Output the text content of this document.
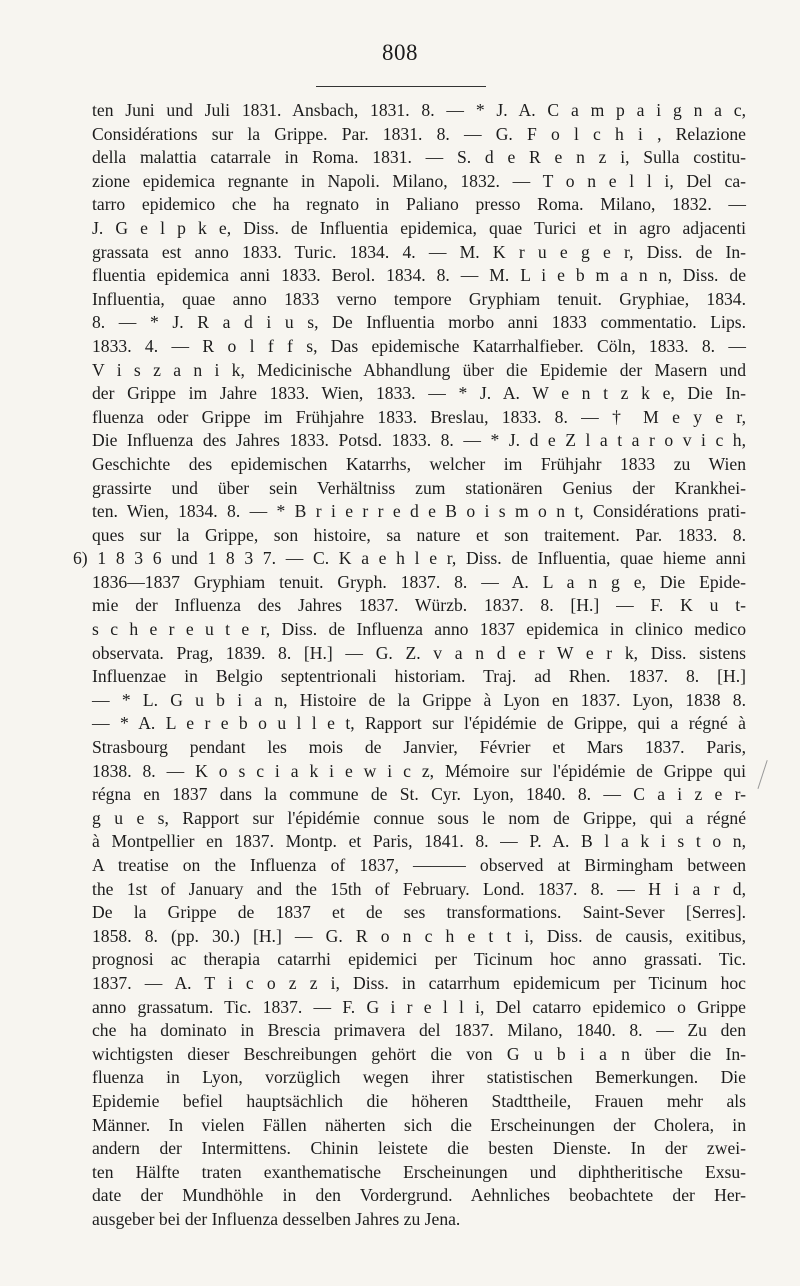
808
ten Juni und Juli 1831. Ansbach, 1831. 8. — * J. A. C a m p a i g n a c,
Considérations sur la Grippe. Par. 1831. 8. — G. F o l c h i , Relazione
della malattia catarrale in Roma. 1831. — S. d e R e n z i, Sulla costitu-
zione epidemica regnante in Napoli. Milano, 1832. — T o n e l l i, Del ca-
tarro epidemico che ha regnato in Paliano presso Roma. Milano, 1832. —
J. G e l p k e, Diss. de Influentia epidemica, quae Turici et in agro adjacenti
grassata est anno 1833. Turic. 1834. 4. — M. K r u e g e r, Diss. de In-
fluentia epidemica anni 1833. Berol. 1834. 8. — M. L i e b m a n n, Diss. de
Influentia, quae anno 1833 verno tempore Gryphiam tenuit. Gryphiae, 1834.
8. — * J. R a d i u s, De Influentia morbo anni 1833 commentatio. Lips.
1833. 4. — R o l f f s, Das epidemische Katarrhalfieber. Cöln, 1833. 8. —
V i s z a n i k, Medicinische Abhandlung über die Epidemie der Masern und
der Grippe im Jahre 1833. Wien, 1833. — * J. A. W e n t z k e, Die In-
fluenza oder Grippe im Frühjahre 1833. Breslau, 1833. 8. — † M e y e r,
Die Influenza des Jahres 1833. Potsd. 1833. 8. — * J. d e Z l a t a r o v i c h,
Geschichte des epidemischen Katarrhs, welcher im Frühjahr 1833 zu Wien
grassirte und über sein Verhältniss zum stationären Genius der Krankhei-
ten. Wien, 1834. 8. — * B r i e r r e d e B o i s m o n t, Considérations prati-
ques sur la Grippe, son histoire, sa nature et son traitement. Par. 1833. 8.
6) 1 8 3 6 und 1 8 3 7. — C. K a e h l e r, Diss. de Influentia, quae hieme anni
1836—1837 Gryphiam tenuit. Gryph. 1837. 8. — A. L a n g e, Die Epide-
mie der Influenza des Jahres 1837. Würzb. 1837. 8. [H.] — F. K u t-
s c h e r e u t e r, Diss. de Influenza anno 1837 epidemica in clinico medico
observata. Prag, 1839. 8. [H.] — G. Z. v a n d e r W e r k, Diss. sistens
Influenzae in Belgio septentrionali historiam. Traj. ad Rhen. 1837. 8. [H.]
— * L. G u b i a n, Histoire de la Grippe à Lyon en 1837. Lyon, 1838 8.
— * A. L e r e b o u l l e t, Rapport sur l'épidémie de Grippe, qui a régné à
Strasbourg pendant les mois de Janvier, Février et Mars 1837. Paris,
1838. 8. — K o s c i a k i e w i c z, Mémoire sur l'épidémie de Grippe qui
régna en 1837 dans la commune de St. Cyr. Lyon, 1840. 8. — C a i z e r-
g u e s, Rapport sur l'épidémie connue sous le nom de Grippe, qui a régné
à Montpellier en 1837. Montp. et Paris, 1841. 8. — P. A. B l a k i s t o n,
A treatise on the Influenza of 1837, ——— observed at Birmingham between
the 1st of January and the 15th of February. Lond. 1837. 8. — H i a r d,
De la Grippe de 1837 et de ses transformations. Saint-Sever [Serres].
1858. 8. (pp. 30.) [H.] — G. R o n c h e t t i, Diss. de causis, exitibus,
prognosi ac therapia catarrhi epidemici per Ticinum hoc anno grassati. Tic.
1837. — A. T i c o z z i, Diss. in catarrhum epidemicum per Ticinum hoc
anno grassatum. Tic. 1837. — F. G i r e l l i, Del catarro epidemico o Grippe
che ha dominato in Brescia primavera del 1837. Milano, 1840. 8. — Zu den
wichtigsten dieser Beschreibungen gehört die von G u b i a n über die In-
fluenza in Lyon, vorzüglich wegen ihrer statistischen Bemerkungen. Die
Epidemie befiel hauptsächlich die höheren Stadttheile, Frauen mehr als
Männer. In vielen Fällen näherten sich die Erscheinungen der Cholera, in
andern der Intermittens. Chinin leistete die besten Dienste. In der zwei-
ten Hälfte traten exanthematische Erscheinungen und diphtheritische Exsu-
date der Mundhöhle in den Vordergrund. Aehnliches beobachtete der Her-
ausgeber bei der Influenza desselben Jahres zu Jena.
